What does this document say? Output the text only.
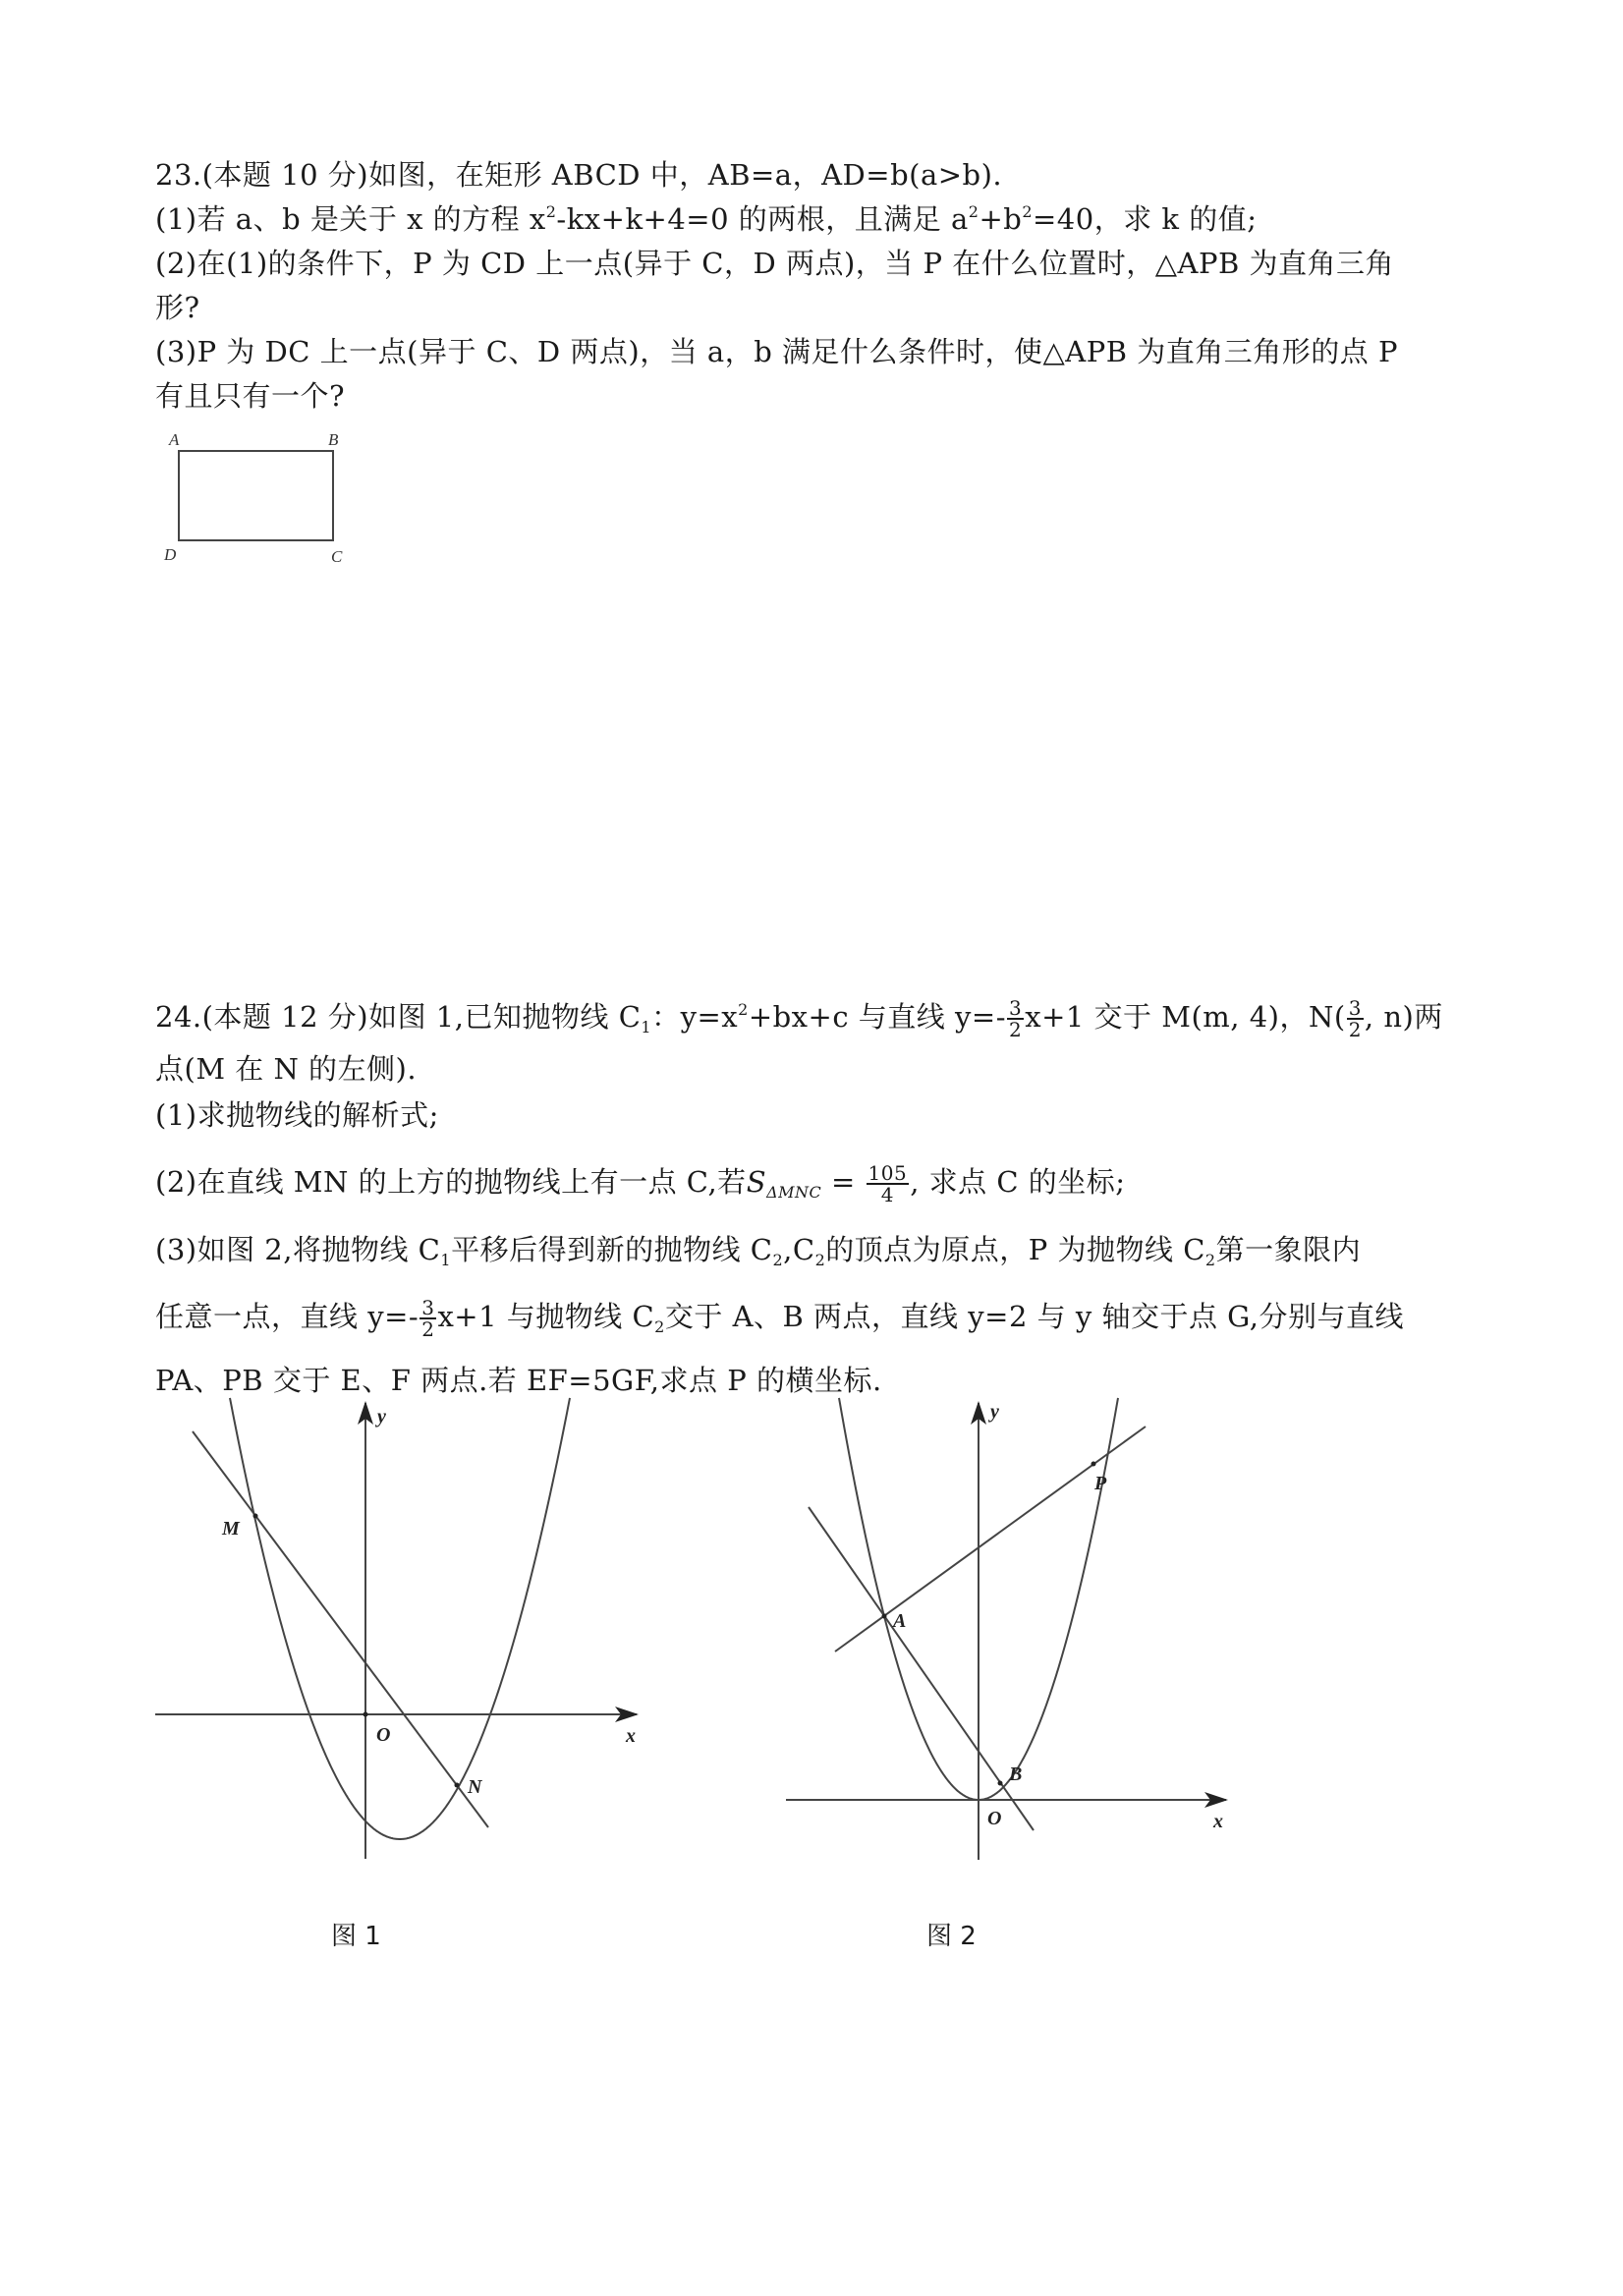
23.(本题 10 分)如图，在矩形 ABCD 中，AB=a，AD=b(a>b).
(1)若 a、b 是关于 x 的方程 $x^2-kx+k+4=0$ 的两根，且满足 $a^2+b^2=40$，求 k 的值;
(2)在(1)的条件下，P 为 CD 上一点(异于 C，D 两点)，当 P 在什么位置时，△APB 为直角三角
形?
(3)P 为 DC 上一点(异于 C、D 两点)，当 a，b 满足什么条件时，使△APB 为直角三角形的点 P
有且只有一个?
A	B
D	C
24.(本题 12 分)如图 1,已知抛物线 $C_1$：$y=x^2+bx+c$ 与直线 $y=- \frac{3}{2} x+1$ 交于 M(m, 4)，$N( \frac{3}{2}$ , n)两
点(M 在 N 的左侧).
(1)求抛物线的解析式;
(2)在直线 MN 的上方的抛物线上有一点 C,若$S_{\Delta MNC} = \frac{105}{4}$ , 求点 C 的坐标;
(3)如图 2,将抛物线 $C_1$平移后得到新的抛物线 $C_2,C_2$的顶点为原点，P 为抛物线 $C_2$第一象限内
任意一点，直线 $y=- \frac{3}{2} x+1$ 与抛物线 $C_2$交于 A、B 两点，直线 y=2 与 y 轴交于点 G,分别与直线
PA、PB 交于 E、F 两点.若 EF=5GF,求点 P 的横坐标.
y
M
O	x
N
y
P
A
B
O	x
图 1	图 2
